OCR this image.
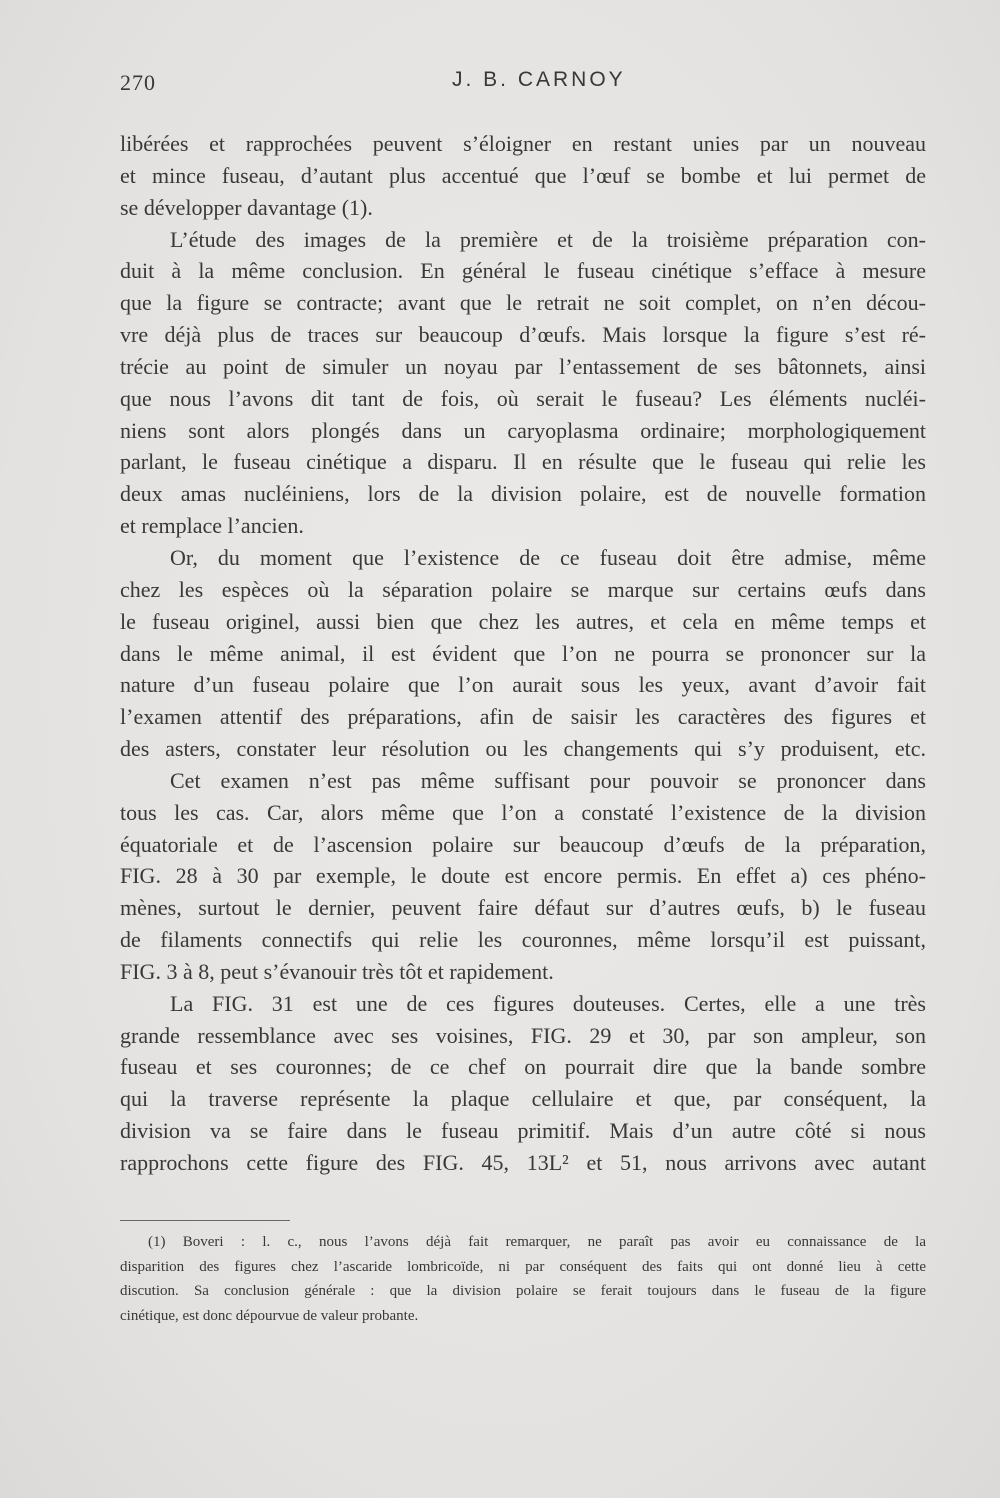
270	J. B. CARNOY
libérées et rapprochées peuvent s’éloigner en restant unies par un nouveau
et mince fuseau, d’autant plus accentué que l’œuf se bombe et lui permet de
se développer davantage (1).
L’étude des images de la première et de la troisième préparation con-
duit à la même conclusion. En général le fuseau cinétique s’efface à mesure
que la figure se contracte; avant que le retrait ne soit complet, on n’en décou-
vre déjà plus de traces sur beaucoup d’œufs. Mais lorsque la figure s’est ré-
trécie au point de simuler un noyau par l’entassement de ses bâtonnets, ainsi
que nous l’avons dit tant de fois, où serait le fuseau? Les éléments nucléi-
niens sont alors plongés dans un caryoplasma ordinaire; morphologiquement
parlant, le fuseau cinétique a disparu. Il en résulte que le fuseau qui relie les
deux amas nucléiniens, lors de la division polaire, est de nouvelle formation
et remplace l’ancien.
Or, du moment que l’existence de ce fuseau doit être admise, même
chez les espèces où la séparation polaire se marque sur certains œufs dans
le fuseau originel, aussi bien que chez les autres, et cela en même temps et
dans le même animal, il est évident que l’on ne pourra se prononcer sur la
nature d’un fuseau polaire que l’on aurait sous les yeux, avant d’avoir fait
l’examen attentif des préparations, afin de saisir les caractères des figures et
des asters, constater leur résolution ou les changements qui s’y produisent, etc.
Cet examen n’est pas même suffisant pour pouvoir se prononcer dans
tous les cas. Car, alors même que l’on a constaté l’existence de la division
équatoriale et de l’ascension polaire sur beaucoup d’œufs de la préparation,
FIG. 28 à 30 par exemple, le doute est encore permis. En effet a) ces phéno-
mènes, surtout le dernier, peuvent faire défaut sur d’autres œufs, b) le fuseau
de filaments connectifs qui relie les couronnes, même lorsqu’il est puissant,
FIG. 3 à 8, peut s’évanouir très tôt et rapidement.
La FIG. 31 est une de ces figures douteuses. Certes, elle a une très
grande ressemblance avec ses voisines, FIG. 29 et 30, par son ampleur, son
fuseau et ses couronnes; de ce chef on pourrait dire que la bande sombre
qui la traverse représente la plaque cellulaire et que, par conséquent, la
division va se faire dans le fuseau primitif. Mais d’un autre côté si nous
rapprochons cette figure des FIG. 45, 13L² et 51, nous arrivons avec autant
(1) Boveri : l. c., nous l’avons déjà fait remarquer, ne paraît pas avoir eu connaissance de la
disparition des figures chez l’ascaride lombricoïde, ni par conséquent des faits qui ont donné lieu à cette
discution. Sa conclusion générale : que la division polaire se ferait toujours dans le fuseau de la figure
cinétique, est donc dépourvue de valeur probante.
